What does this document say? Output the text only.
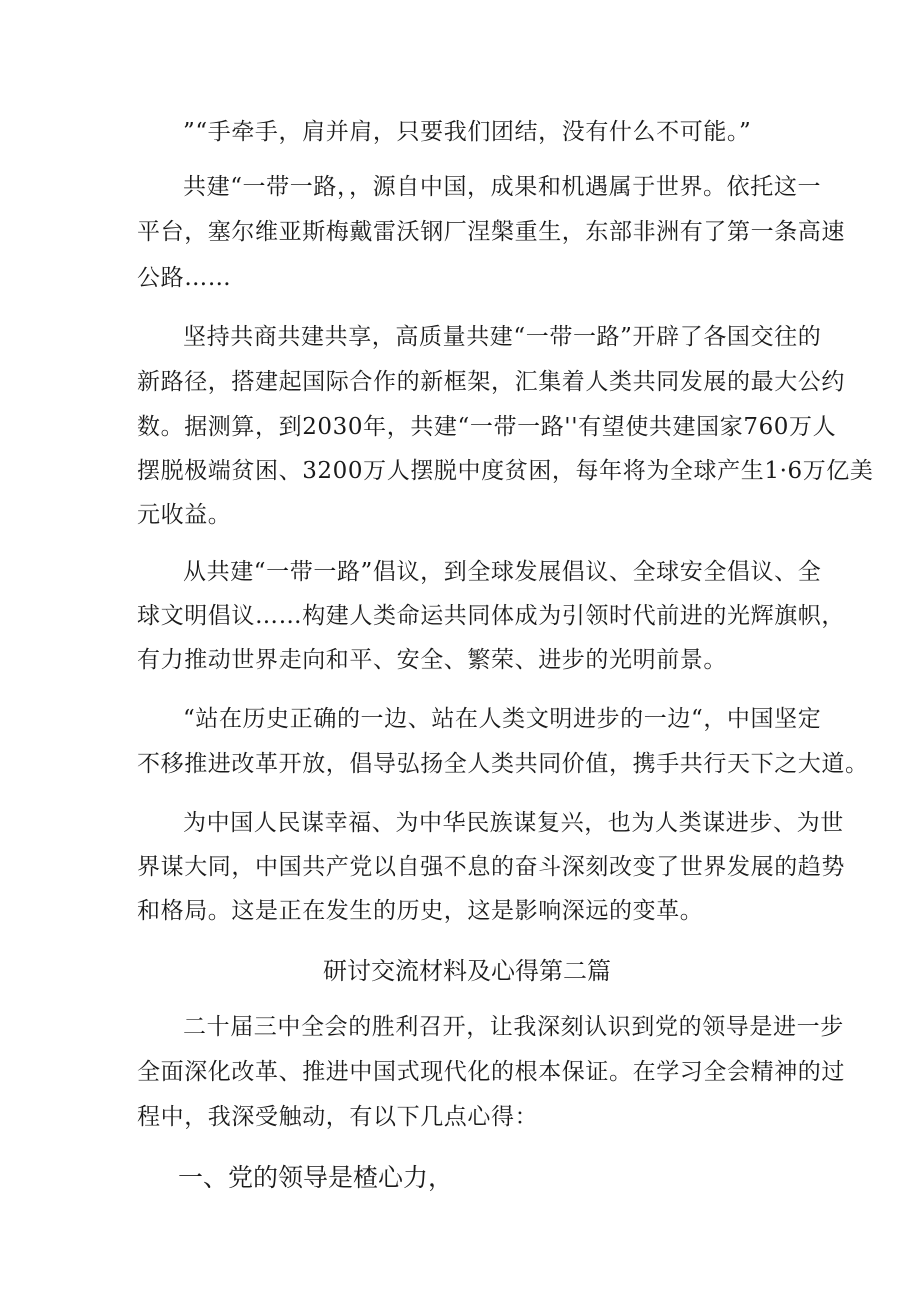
”“手牵手，肩并肩，只要我们团结，没有什么不可能。”
共建“一带一路，，源自中国，成果和机遇属于世界。依托这一
平台，塞尔维亚斯梅戴雷沃钢厂涅槃重生，东部非洲有了第一条高速
公路……
坚持共商共建共享，高质量共建“一带一路”开辟了各国交往的
新路径，搭建起国际合作的新框架，汇集着人类共同发展的最大公约
数。据测算，到2030年，共建“一带一路''有望使共建国家760万人
摆脱极端贫困、3200万人摆脱中度贫困，每年将为全球产生1·6万亿美
元收益。
从共建“一带一路”倡议，到全球发展倡议、全球安全倡议、全
球文明倡议……构建人类命运共同体成为引领时代前进的光辉旗帜，
有力推动世界走向和平、安全、繁荣、进步的光明前景。
“站在历史正确的一边、站在人类文明进步的一边“，中国坚定
不移推进改革开放，倡导弘扬全人类共同价值，携手共行天下之大道。
为中国人民谋幸福、为中华民族谋复兴，也为人类谋进步、为世
界谋大同，中国共产党以自强不息的奋斗深刻改变了世界发展的趋势
和格局。这是正在发生的历史，这是影响深远的变革。
研讨交流材料及心得第二篇
二十届三中全会的胜利召开，让我深刻认识到党的领导是进一步
全面深化改革、推进中国式现代化的根本保证。在学习全会精神的过
程中，我深受触动，有以下几点心得：
一、党的领导是楂心力，
